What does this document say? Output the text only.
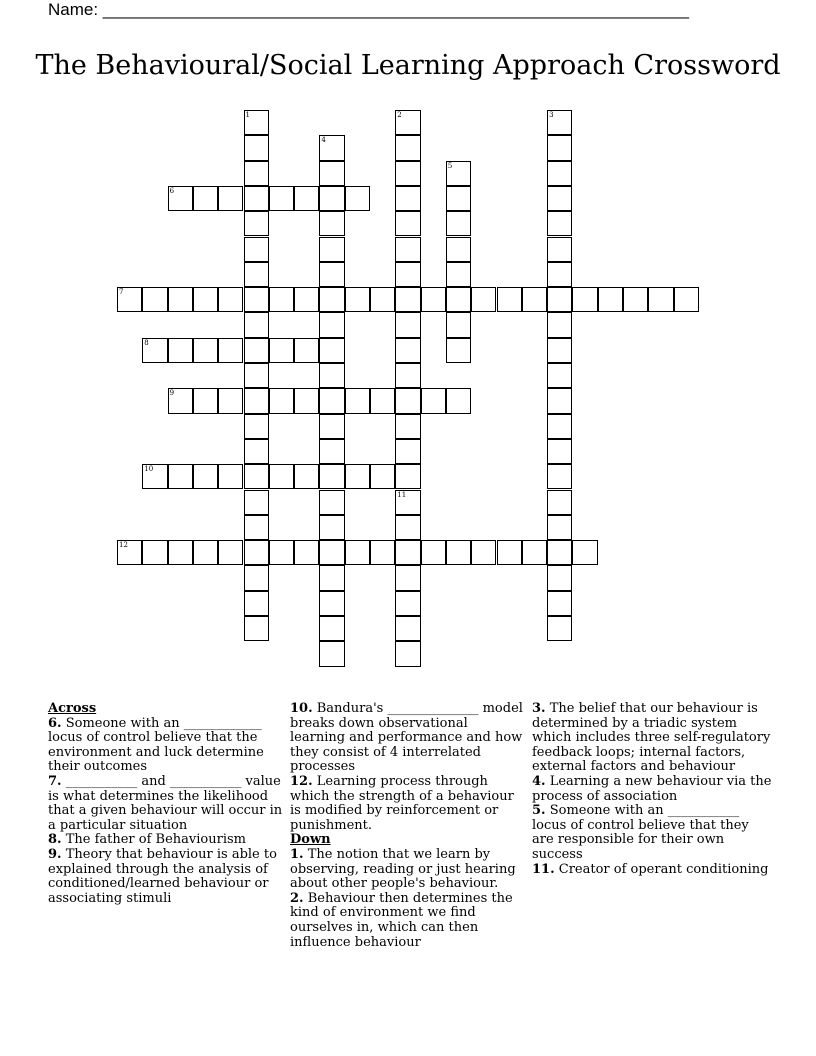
Name: ______________________________________________________________
The Behavioural/Social Learning Approach Crossword
1	2
11
3
4
5
6
7
8
9
10
12
Across
6. Someone with an ____________ locus of control believe that the environment and luck determine their outcomes
7. ___________ and ___________ value is what determines the likelihood that a given behaviour will occur in a particular situation
8. The father of Behaviourism
9. Theory that behaviour is able to explained through the analysis of conditioned/learned behaviour or associating stimuli
10. Bandura's ______________ model breaks down observational learning and performance and how they consist of 4 interrelated processes
12. Learning process through which the strength of a behaviour is modified by reinforcement or punishment.
Down
1. The notion that we learn by observing, reading or just hearing about other people's behaviour.
2. Behaviour then determines the kind of environment we find ourselves in, which can then influence behaviour
3. The belief that our behaviour is determined by a triadic system which includes three self-regulatory feedback loops; internal factors, external factors and behaviour
4. Learning a new behaviour via the process of association
5. Someone with an ___________ locus of control believe that they are responsible for their own success
11. Creator of operant conditioning
